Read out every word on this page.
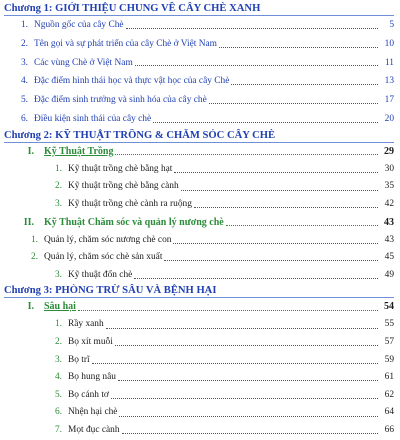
Chương 1: GIỚI THIỆU CHUNG VỀ CÂY CHÈ XANH
1. Nguồn gốc của cây Chè	5
2. Tên gọi và sự phát triển của cây Chè ở Việt Nam	10
3. Các vùng Chè ở Việt Nam	11
4. Đặc điểm hình thái học và thực vật học của cây Chè	13
5. Đặc điểm sinh trưởng và sinh hóa của cây chè	17
6. Điều kiện sinh thái của cây chè	20
Chương 2: KỸ THUẬT TRỒNG & CHĂM SÓC CÂY CHÈ
I.	Kỹ Thuật Trồng	29
1. Kỹ thuật trồng chè bằng hạt	30
2. Kỹ thuật trồng chè bằng cành	35
3. Kỹ thuật trồng chè cành ra ruộng	42
II.	Kỹ Thuật Chăm sóc và quản lý nương chè	43
1. Quản lý, chăm sóc nương chè con	43
2. Quản lý, chăm sóc chè sản xuất	45
3. Kỹ thuật đốn chè	49
Chương 3: PHÒNG TRỪ SÂU VÀ BỆNH HẠI
I.	Sâu hại	54
1. Rầy xanh	55
2. Bọ xít muỗi	57
3. Bọ trĩ	59
4. Bọ hung nâu	61
5. Bọ cánh tơ	62
6. Nhện hại chè	64
7. Mọt đục cành	66
